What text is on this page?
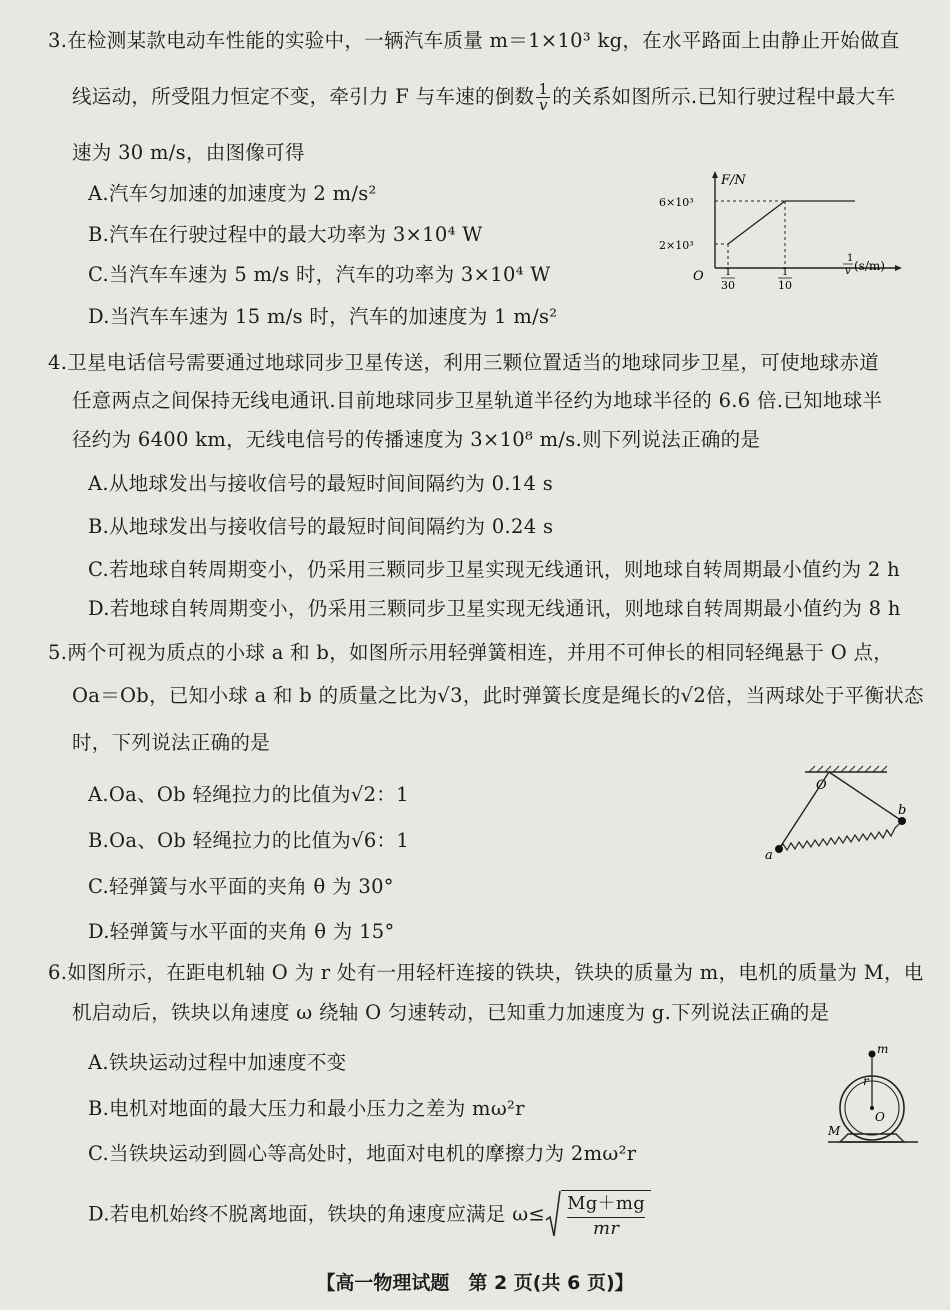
3.在检测某款电动车性能的实验中，一辆汽车质量 m＝1×10³ kg，在水平路面上由静止开始做直
线运动，所受阻力恒定不变，牵引力 F 与车速的倒数 $\frac{1}{v}$ 的关系如图所示.已知行驶过程中最大车
速为 30 m/s，由图像可得
A.汽车匀加速的加速度为 2 m/s²
B.汽车在行驶过程中的最大功率为 3×10⁴ W
C.当汽车车速为 5 m/s 时，汽车的功率为 3×10⁴ W
D.当汽车车速为 15 m/s 时，汽车的加速度为 1 m/s²
F/N
O
6×10³
2×10³
1
30
1
10
1
v (s/m)
4.卫星电话信号需要通过地球同步卫星传送，利用三颗位置适当的地球同步卫星，可使地球赤道
任意两点之间保持无线电通讯.目前地球同步卫星轨道半径约为地球半径的 6.6 倍.已知地球半
径约为 6400 km，无线电信号的传播速度为 3×10⁸ m/s.则下列说法正确的是
A.从地球发出与接收信号的最短时间间隔约为 0.14 s
B.从地球发出与接收信号的最短时间间隔约为 0.24 s
C.若地球自转周期变小，仍采用三颗同步卫星实现无线通讯，则地球自转周期最小值约为 2 h
D.若地球自转周期变小，仍采用三颗同步卫星实现无线通讯，则地球自转周期最小值约为 8 h
5.两个可视为质点的小球 a 和 b，如图所示用轻弹簧相连，并用不可伸长的相同轻绳悬于 O 点，
Oa＝Ob，已知小球 a 和 b 的质量之比为√3，此时弹簧长度是绳长的√2倍，当两球处于平衡状态
时，下列说法正确的是
A.Oa、Ob 轻绳拉力的比值为√2：1
B.Oa、Ob 轻绳拉力的比值为√6：1
C.轻弹簧与水平面的夹角 θ 为 30°
D.轻弹簧与水平面的夹角 θ 为 15°
O
a
b
6.如图所示，在距电机轴 O 为 r 处有一用轻杆连接的铁块，铁块的质量为 m，电机的质量为 M，电
机启动后，铁块以角速度 ω 绕轴 O 匀速转动，已知重力加速度为 g.下列说法正确的是
A.铁块运动过程中加速度不变
B.电机对地面的最大压力和最小压力之差为 mω²r
C.当铁块运动到圆心等高处时，地面对电机的摩擦力为 2mω²r
D.若电机始终不脱离地面，铁块的角速度应满足 $\omega\le \frac{Mg+mg}{mr}$
m
r
O
M
【高一物理试题　第 2 页(共 6 页)】
